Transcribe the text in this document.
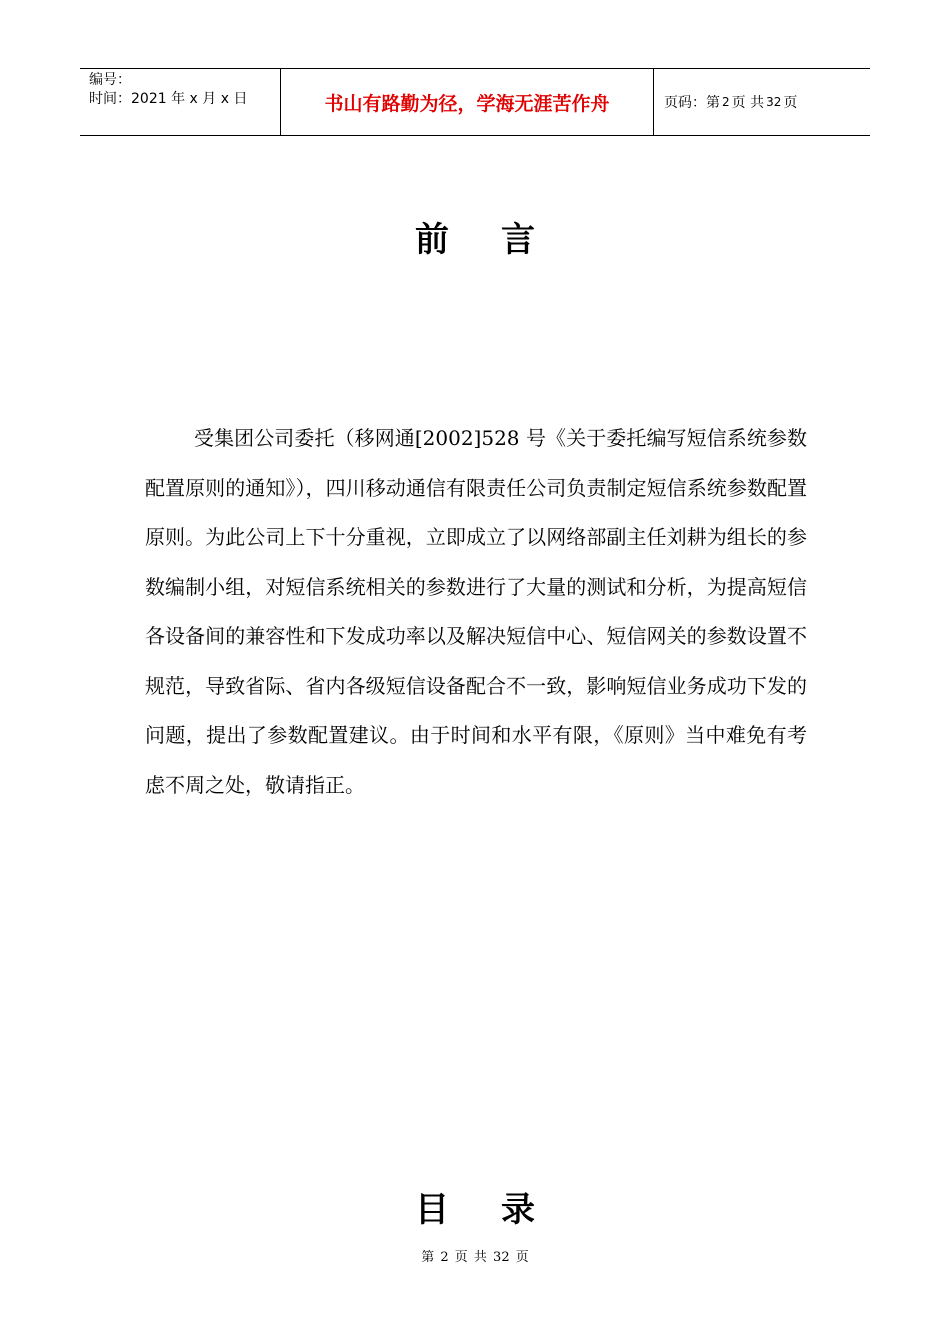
编号：
时间：2021 年 x 月 x 日	书山有路勤为径，学海无涯苦作舟	页码：第 2 页 共 32 页
前言

受集团公司委托（移网通[2002]528 号《关于委托编写短信系统参数配置原则的通知》），四川移动通信有限责任公司负责制定短信系统参数配置原则。为此公司上下十分重视，立即成立了以网络部副主任刘耕为组长的参数编制小组，对短信系统相关的参数进行了大量的测试和分析，为提高短信各设备间的兼容性和下发成功率以及解决短信中心、短信网关的参数设置不规范，导致省际、省内各级短信设备配合不一致，影响短信业务成功下发的问题，提出了参数配置建议。由于时间和水平有限，《原则》当中难免有考虑不周之处，敬请指正。

目录
第 2 页 共 32 页
